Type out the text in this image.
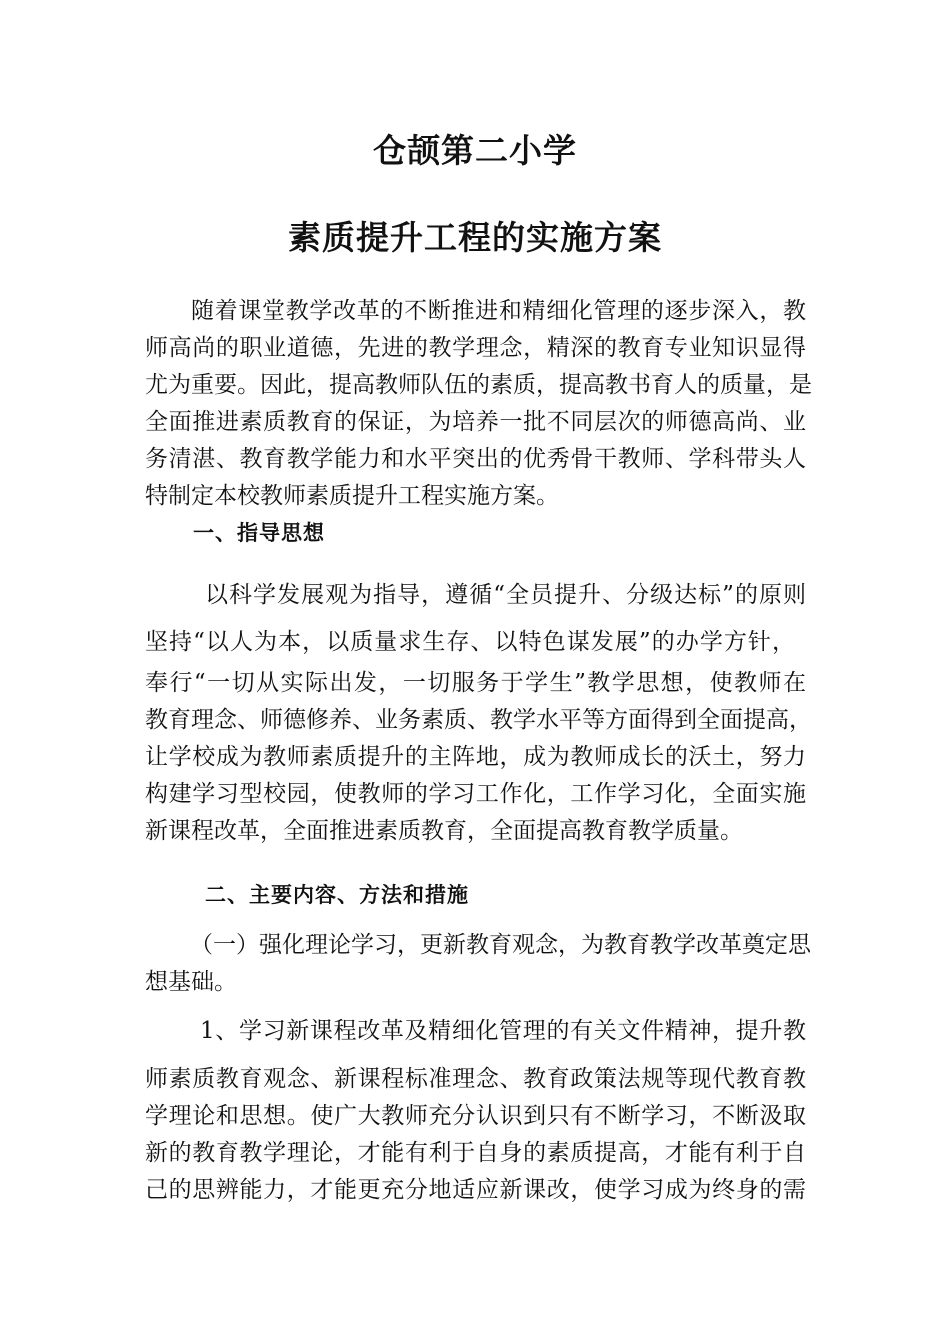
仓颉第二小学
素质提升工程的实施方案
随着课堂教学改革的不断推进和精细化管理的逐步深入，教
师高尚的职业道德，先进的教学理念，精深的教育专业知识显得
尤为重要。因此，提高教师队伍的素质，提高教书育人的质量，是
全面推进素质教育的保证，为培养一批不同层次的师德高尚、业
务清湛、教育教学能力和水平突出的优秀骨干教师、学科带头人
特制定本校教师素质提升工程实施方案。
一、指导思想
以科学发展观为指导，遵循“全员提升、分级达标”的原则
坚持“以人为本，以质量求生存、以特色谋发展”的办学方针，
奉行“一切从实际出发，一切服务于学生”教学思想，使教师在
教育理念、师德修养、业务素质、教学水平等方面得到全面提高，
让学校成为教师素质提升的主阵地，成为教师成长的沃土，努力
构建学习型校园，使教师的学习工作化，工作学习化，全面实施
新课程改革，全面推进素质教育，全面提高教育教学质量。
二、主要内容、方法和措施
（一）强化理论学习，更新教育观念，为教育教学改革奠定思
想基础。
1、学习新课程改革及精细化管理的有关文件精神，提升教
师素质教育观念、新课程标准理念、教育政策法规等现代教育教
学理论和思想。使广大教师充分认识到只有不断学习，不断汲取
新的教育教学理论，才能有利于自身的素质提高，才能有利于自
己的思辨能力，才能更充分地适应新课改，使学习成为终身的需
